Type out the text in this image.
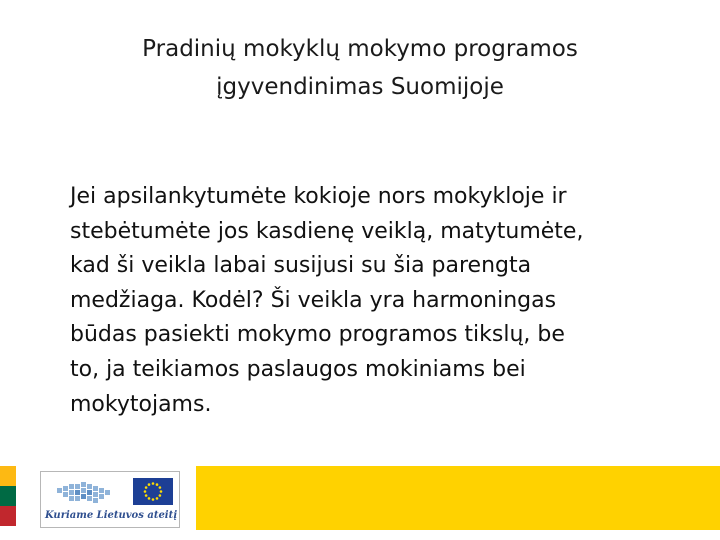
Pradinių mokyklų mokymo programos
įgyvendinimas Suomijoje
Jei apsilankytumėte kokioje nors mokykloje ir
stebėtumėte jos kasdienę veiklą, matytumėte,
kad ši veikla labai susijusi su šia parengta
medžiaga. Kodėl? Ši veikla yra harmoningas
būdas pasiekti mokymo programos tikslų, be
to, ja teikiamos paslaugos mokiniams bei
mokytojams.
Kuriame Lietuvos ateitį
